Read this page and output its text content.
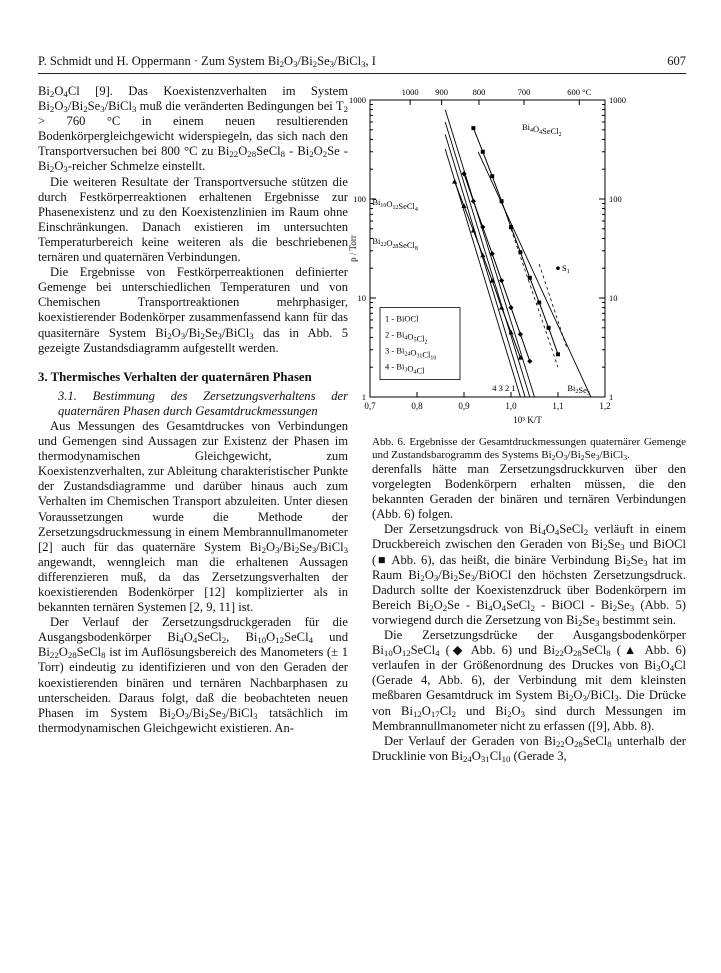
P. Schmidt und H. Oppermann · Zum System $Bi_2O_3/Bi_2Se_3/BiCl_3$, I	607

$Bi_2O_4Cl$ [9]. Das Koexistenzverhalten im System $Bi_2O_3/Bi_2Se_3/BiCl_3$ muß die veränderten Bedingungen bei $T_2 > 760$ °C in einem neuen resultierenden Bodenkörpergleichgewicht widerspiegeln, das sich nach den Transportversuchen bei 800 °C zu $Bi_{22}O_{28}SeCl_8 - Bi_2O_2Se$ - $Bi_2O_3$-reicher Schmelze einstellt.

Die weiteren Resultate der Transportversuche stützen die durch Festkörperreaktionen erhaltenen Ergebnisse zur Phasenexistenz und zu den Koexistenzlinien im Raum ohne Einschränkungen. Danach existieren im untersuchten Temperaturbereich keine weiteren als die beschriebenen ternären und quaternären Verbindungen.

Die Ergebnisse von Festkörperreaktionen definierter Gemenge bei unterschiedlichen Temperaturen und von Chemischen Transportreaktionen mehrphasiger, koexistierender Bodenkörper zusammenfassend kann für das quasiternäre System $Bi_2O_3/Bi_2Se_3/BiCl_3$ das in Abb. 5 gezeigte Zustandsdiagramm aufgestellt werden.

3. Thermisches Verhalten der quaternären Phasen

3.1. Bestimmung des Zersetzungsverhaltens der quaternären Phasen durch Gesamtdruckmessungen

Aus Messungen des Gesamtdruckes von Verbindungen und Gemengen sind Aussagen zur Existenz der Phasen im thermodynamischen Gleichgewicht, zum Koexistenzverhalten, zur Ableitung charakteristischer Punkte der Zustandsdiagramme und darüber hinaus auch zum Verhalten im Chemischen Transport abzuleiten. Unter diesen Voraussetzungen wurde die Methode der Zersetzungsdruckmessung in einem Membrannullmanometer [2] auch für das quaternäre System $Bi_2O_3/Bi_2Se_3/BiCl_3$ angewandt, wenngleich man die erhaltenen Aussagen differenzieren muß, da das Zersetzungsverhalten der koexistierenden Bodenkörper [12] komplizierter als in bekannten ternären Systemen [2, 9, 11] ist.

Der Verlauf der Zersetzungsdruckgeraden für die Ausgangsbodenkörper $Bi_4O_4SeCl_2$, $Bi_{10}O_{12}SeCl_4$ und $Bi_{22}O_{28}SeCl_8$ ist im Auflösungsbereich des Manometers (± 1 Torr) eindeutig zu identifizieren und von den Geraden der koexistierenden binären und ternären Nachbarphasen zu unterscheiden. Daraus folgt, daß die beobachteten neuen Phasen im System $Bi_2O_3/Bi_2Se_3/BiCl_3$ tatsächlich im thermodynamischen Gleichgewicht existieren. An-

0,7	0,8	0,9	1,0	1,1	1,2
10³ K/T
1000 900	800	700	600 °C
1000	1000
100	100
10	10
1	1
p / Torr
$Bi_4O_4SeCl_2$
$Bi_{10}O_{12}SeCl_4$
$Bi_{22}O_{28}SeCl_8$
$S_1$
$Bi_2Se_3$
4 3 2 1
1 - BiOCl
$2 - Bi_4O_5Cl_2$
$3 - Bi_{24}O_{31}Cl_{10}$
$4 - Bi_3O_4Cl$

Abb. 6. Ergebnisse der Gesamtdruckmessungen quaternärer Gemenge und Zustandsbarogramm des Systems $Bi_2O_3/Bi_2Se_3/BiCl_3$.

derenfalls hätte man Zersetzungsdruckkurven über den vorgelegten Bodenkörpern erhalten müssen, die den bekannten Geraden der binären und ternären Verbindungen (Abb. 6) folgen.

Der Zersetzungsdruck von $Bi_4O_4SeCl_2$ verläuft in einem Druckbereich zwischen den Geraden von $Bi_2Se_3$ und BiOCl (■ Abb. 6), das heißt, die binäre Verbindung $Bi_2Se_3$ hat im Raum $Bi_2O_3/Bi_2Se_3$/BiOCl den höchsten Zersetzungsdruck. Dadurch sollte der Koexistenzdruck über Bodenkörpern im Bereich $Bi_2O_2Se$ - $Bi_4O_4SeCl_2$ - BiOCl - $Bi_2Se_3$ (Abb. 5) vorwiegend durch die Zersetzung von $Bi_2Se_3$ bestimmt sein.

Die Zersetzungsdrücke der Ausgangsbodenkörper $Bi_{10}O_{12}SeCl_4$ (◆ Abb. 6) und $Bi_{22}O_{28}SeCl_8$ (▲ Abb. 6) verlaufen in der Größenordnung des Druckes von $Bi_3O_4Cl$ (Gerade 4, Abb. 6), der Verbindung mit dem kleinsten meßbaren Gesamtdruck im System $Bi_2O_3/BiCl_3$. Die Drücke von $Bi_{12}O_{17}Cl_2$ und $Bi_2O_3$ sind durch Messungen im Membrannullmanometer nicht zu erfassen ([9], Abb. 8).

Der Verlauf der Geraden von $Bi_{22}O_{28}SeCl_8$ unterhalb der Drucklinie von $Bi_{24}O_{31}Cl_{10}$ (Gerade 3,
